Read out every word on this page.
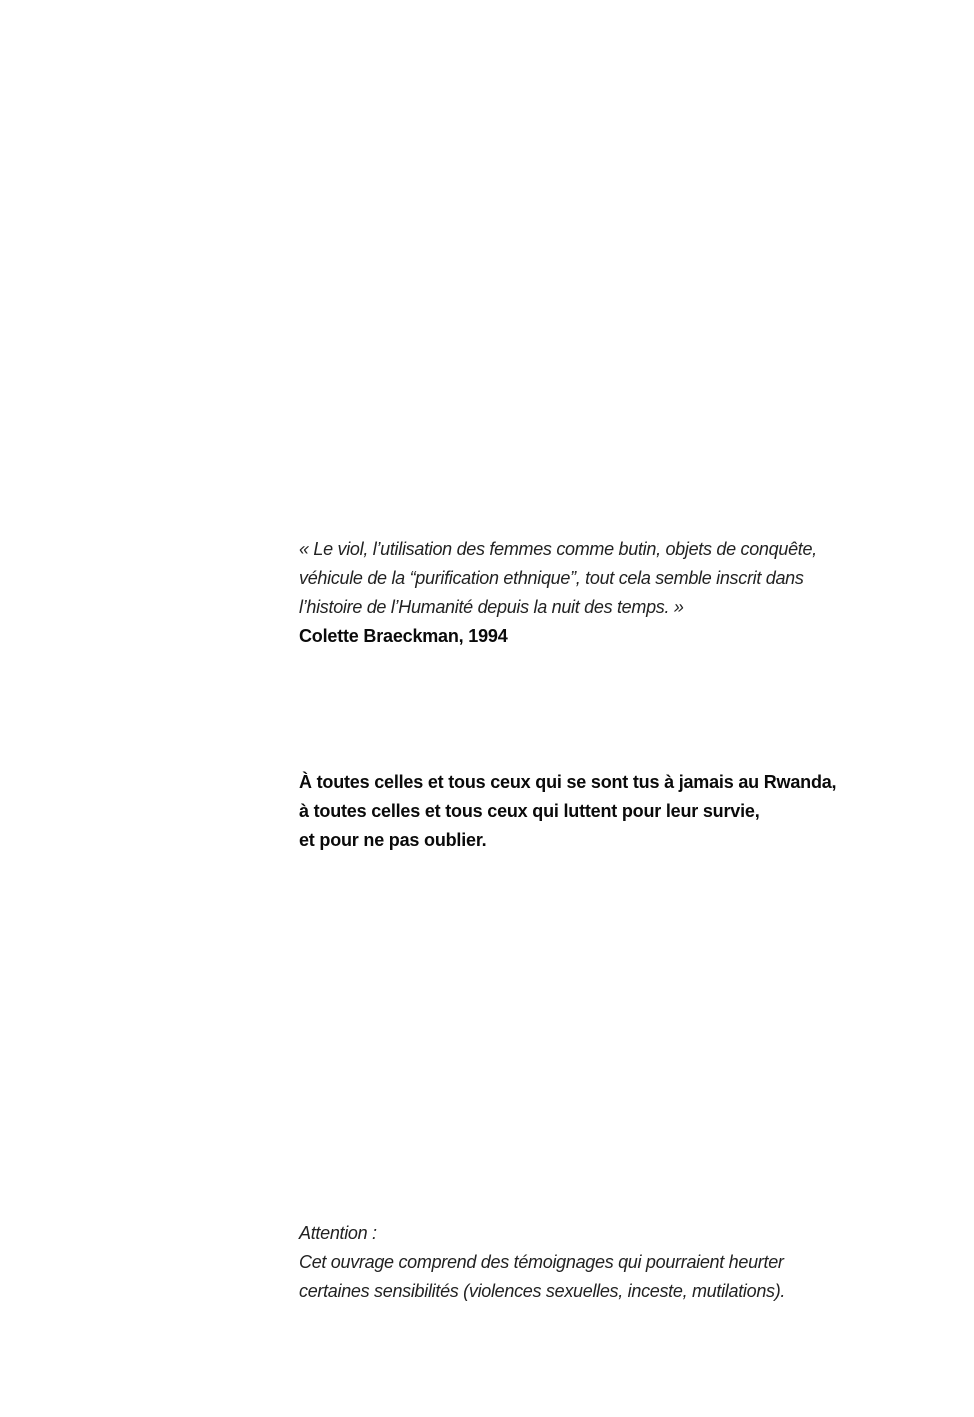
« Le viol, l’utilisation des femmes comme butin, objets de conquête,
véhicule de la “purification ethnique”, tout cela semble inscrit dans
l’histoire de l’Humanité depuis la nuit des temps. »
Colette Braeckman, 1994
À toutes celles et tous ceux qui se sont tus à jamais au Rwanda,
à toutes celles et tous ceux qui luttent pour leur survie,
et pour ne pas oublier.
Attention :
Cet ouvrage comprend des témoignages qui pourraient heurter
certaines sensibilités (violences sexuelles, inceste, mutilations).
